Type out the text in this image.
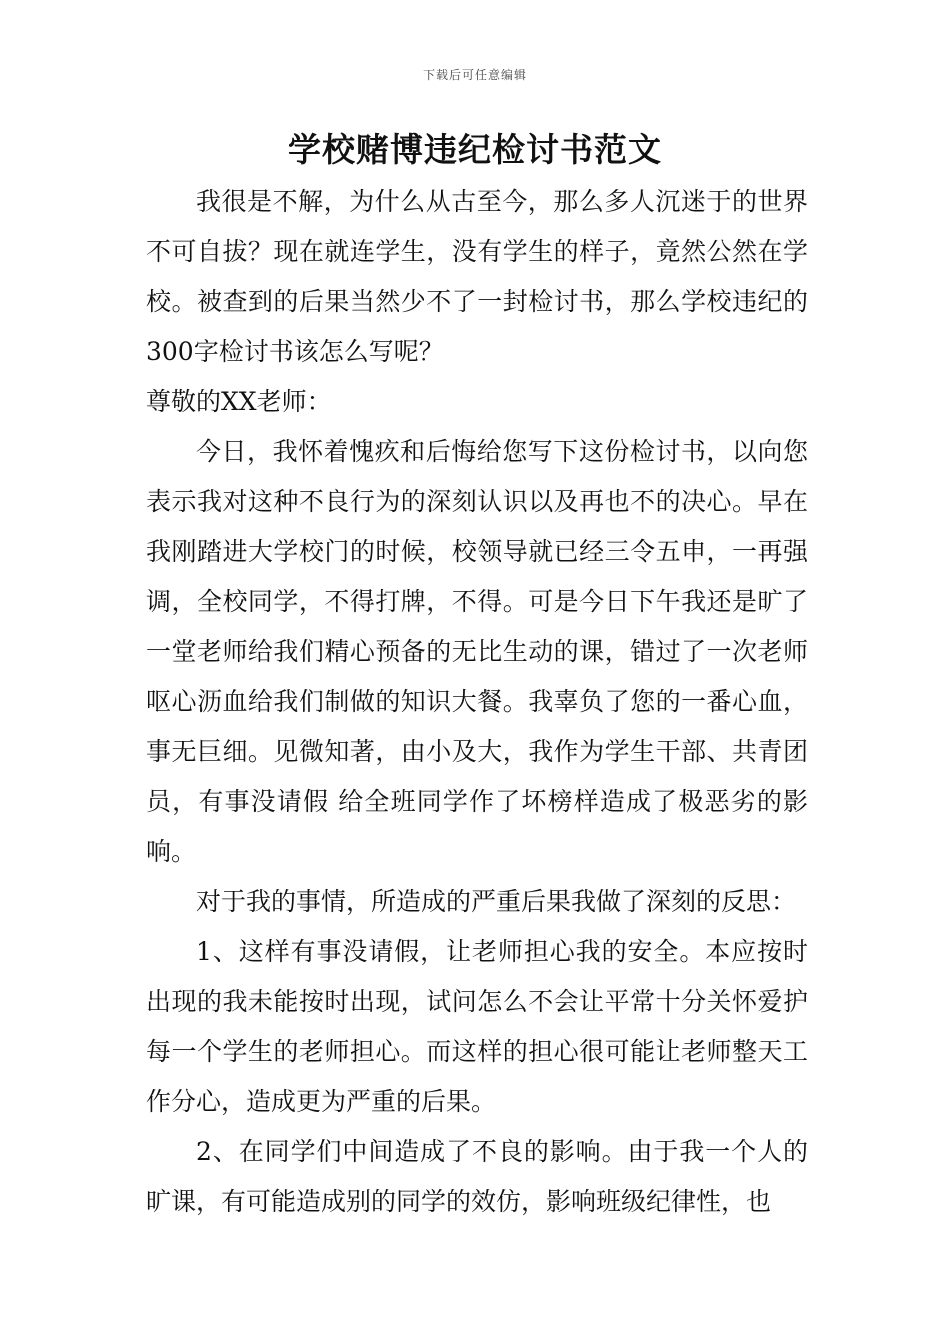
下载后可任意编辑
学校赌博违纪检讨书范文

我很是不解，为什么从古至今，那么多人沉迷于的世界不可自拔？现在就连学生，没有学生的样子，竟然公然在学校。被查到的后果当然少不了一封检讨书，那么学校违纪的300字检讨书该怎么写呢？

尊敬的XX老师：

今日，我怀着愧疚和后悔给您写下这份检讨书，以向您表示我对这种不良行为的深刻认识以及再也不的决心。早在我刚踏进大学校门的时候，校领导就已经三令五申，一再强调，全校同学，不得打牌，不得。可是今日下午我还是旷了一堂老师给我们精心预备的无比生动的课，错过了一次老师呕心沥血给我们制做的知识大餐。我辜负了您的一番心血，事无巨细。见微知著，由小及大，我作为学生干部、共青团员，有事没请假 给全班同学作了坏榜样造成了极恶劣的影响。

对于我的事情，所造成的严重后果我做了深刻的反思：

1、这样有事没请假，让老师担心我的安全。本应按时出现的我未能按时出现，试问怎么不会让平常十分关怀爱护每一个学生的老师担心。而这样的担心很可能让老师整天工作分心，造成更为严重的后果。

2、在同学们中间造成了不良的影响。由于我一个人的旷课，有可能造成别的同学的效仿，影响班级纪律性，也
